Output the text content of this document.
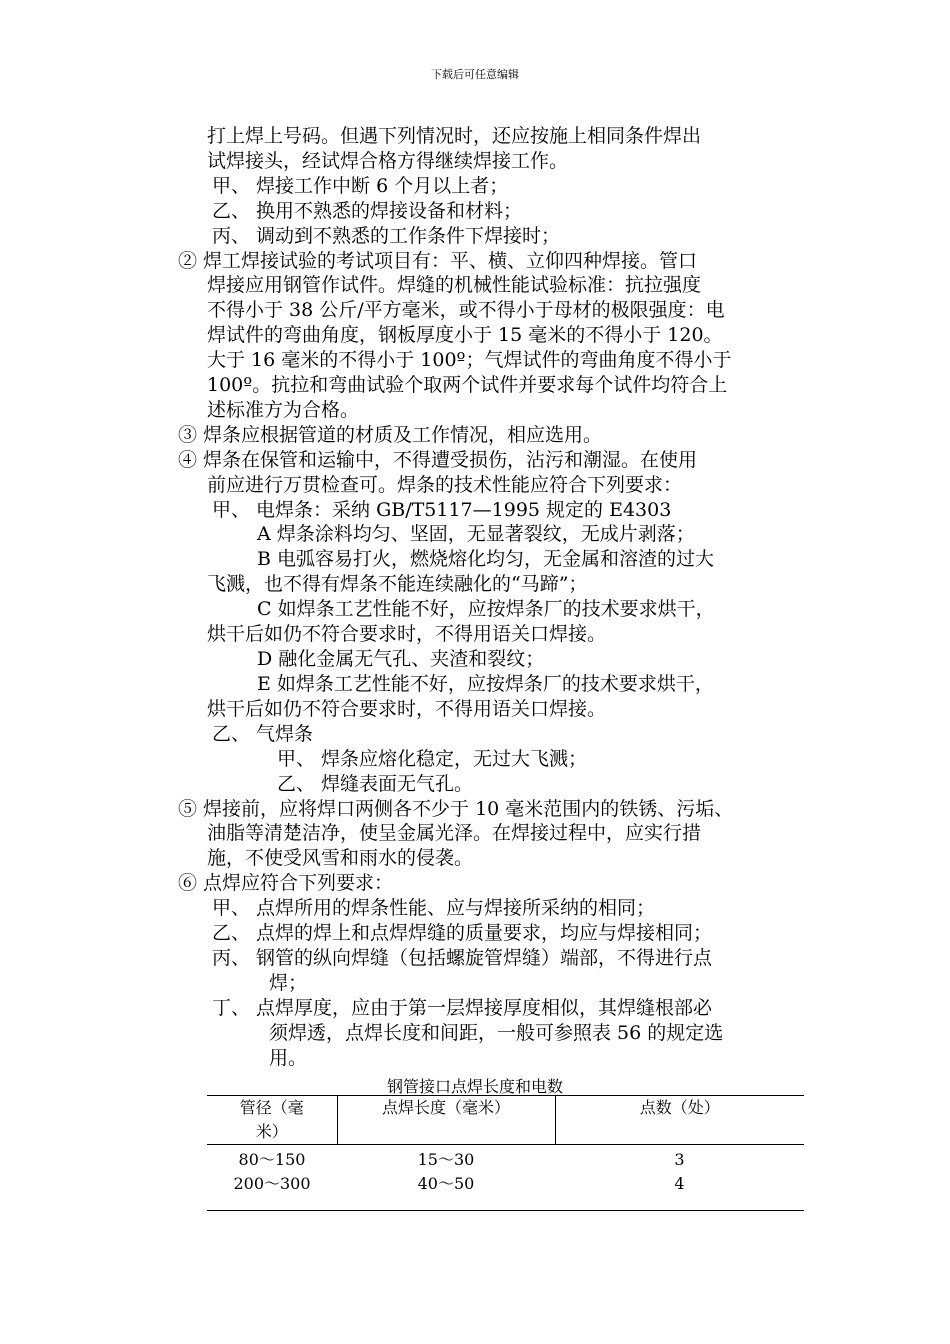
下载后可任意编辑
打上焊上号码。但遇下列情况时，还应按施上相同条件焊出
试焊接头，经试焊合格方得继续焊接工作。
甲、 焊接工作中断 6 个月以上者；
乙、 换用不熟悉的焊接设备和材料；
丙、 调动到不熟悉的工作条件下焊接时；
② 焊工焊接试验的考试项目有：平、横、立仰四种焊接。管口
焊接应用钢管作试件。焊缝的机械性能试验标准：抗拉强度
不得小于 38 公斤/平方毫米，或不得小于母材的极限强度：电
焊试件的弯曲角度，钢板厚度小于 15 毫米的不得小于 120。
大于 16 毫米的不得小于 100º；气焊试件的弯曲角度不得小于
100º。抗拉和弯曲试验个取两个试件并要求每个试件均符合上
述标准方为合格。
③ 焊条应根据管道的材质及工作情况，相应选用。
④ 焊条在保管和运输中，不得遭受损伤，沾污和潮湿。在使用
前应进行万贯检查可。焊条的技术性能应符合下列要求：
甲、 电焊条：采纳 GB/T5117—1995 规定的 E4303
A 焊条涂料均匀、坚固，无显著裂纹，无成片剥落；
B 电弧容易打火，燃烧熔化均匀，无金属和溶渣的过大
飞溅，也不得有焊条不能连续融化的“马蹄”；
C 如焊条工艺性能不好，应按焊条厂的技术要求烘干，
烘干后如仍不符合要求时，不得用语关口焊接。
D 融化金属无气孔、夹渣和裂纹；
E 如焊条工艺性能不好，应按焊条厂的技术要求烘干，
烘干后如仍不符合要求时，不得用语关口焊接。
乙、 气焊条
甲、 焊条应熔化稳定，无过大飞溅；
乙、 焊缝表面无气孔。
⑤ 焊接前，应将焊口两侧各不少于 10 毫米范围内的铁锈、污垢、
油脂等清楚洁净，使呈金属光泽。在焊接过程中，应实行措
施，不使受风雪和雨水的侵袭。
⑥ 点焊应符合下列要求：
甲、 点焊所用的焊条性能、应与焊接所采纳的相同；
乙、 点焊的焊上和点焊焊缝的质量要求，均应与焊接相同；
丙、 钢管的纵向焊缝（包括螺旋管焊缝）端部，不得进行点
焊；
丁、 点焊厚度，应由于第一层焊接厚度相似，其焊缝根部必
须焊透，点焊长度和间距，一般可参照表 56 的规定选
用。
钢管接口点焊长度和电数
管径（毫
米）	点焊长度（毫米）	点数（处）
80～150	15～30	3
200～300	40～50	4
